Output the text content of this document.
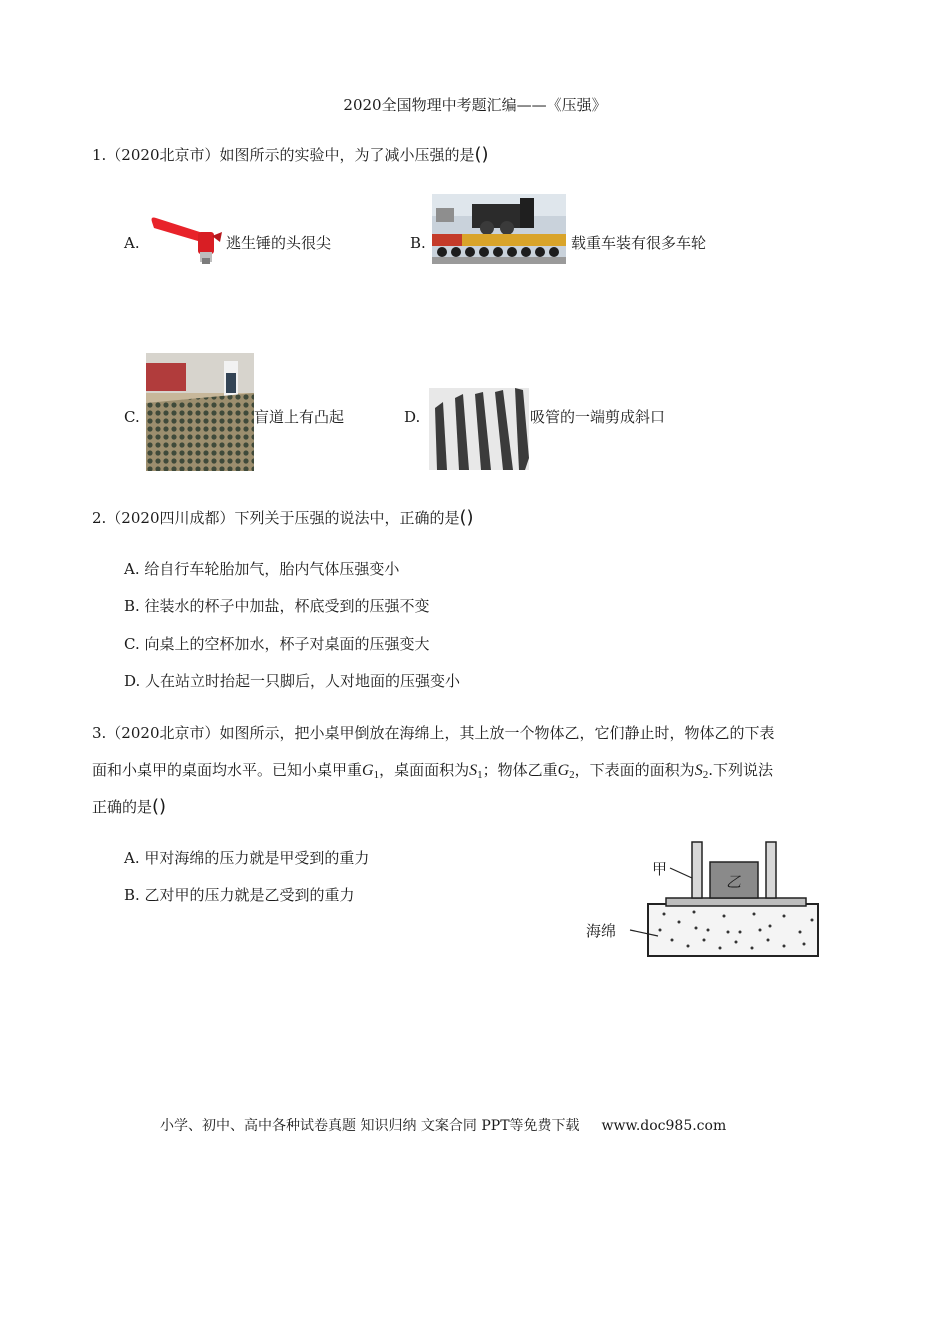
2020全国物理中考题汇编——《压强》
1.（2020北京市）如图所示的实验中，为了减小压强的是()
A.	逃生锤的头很尖	B.	载重车装有很多车轮
C.	盲道上有凸起	D.	吸管的一端剪成斜口
2.（2020四川成都）下列关于压强的说法中，正确的是()
A. 给自行车轮胎加气，胎内气体压强变小
B. 往装水的杯子中加盐，杯底受到的压强不变
C. 向桌上的空杯加水，杯子对桌面的压强变大
D. 人在站立时抬起一只脚后，人对地面的压强变小
3.（2020北京市）如图所示，把小桌甲倒放在海绵上，其上放一个物体乙，它们静止时，物体乙的下表
面和小桌甲的桌面均水平。已知小桌甲重$G_1$，桌面面积为$S_1$；物体乙重$G_2$，下表面的面积为$S_2$.下列说法
正确的是()
A. 甲对海绵的压力就是甲受到的重力
B. 乙对甲的压力就是乙受到的重力
甲
乙
海绵
小学、初中、高中各种试卷真题 知识归纳 文案合同 PPT等免费下载 www.doc985.com
